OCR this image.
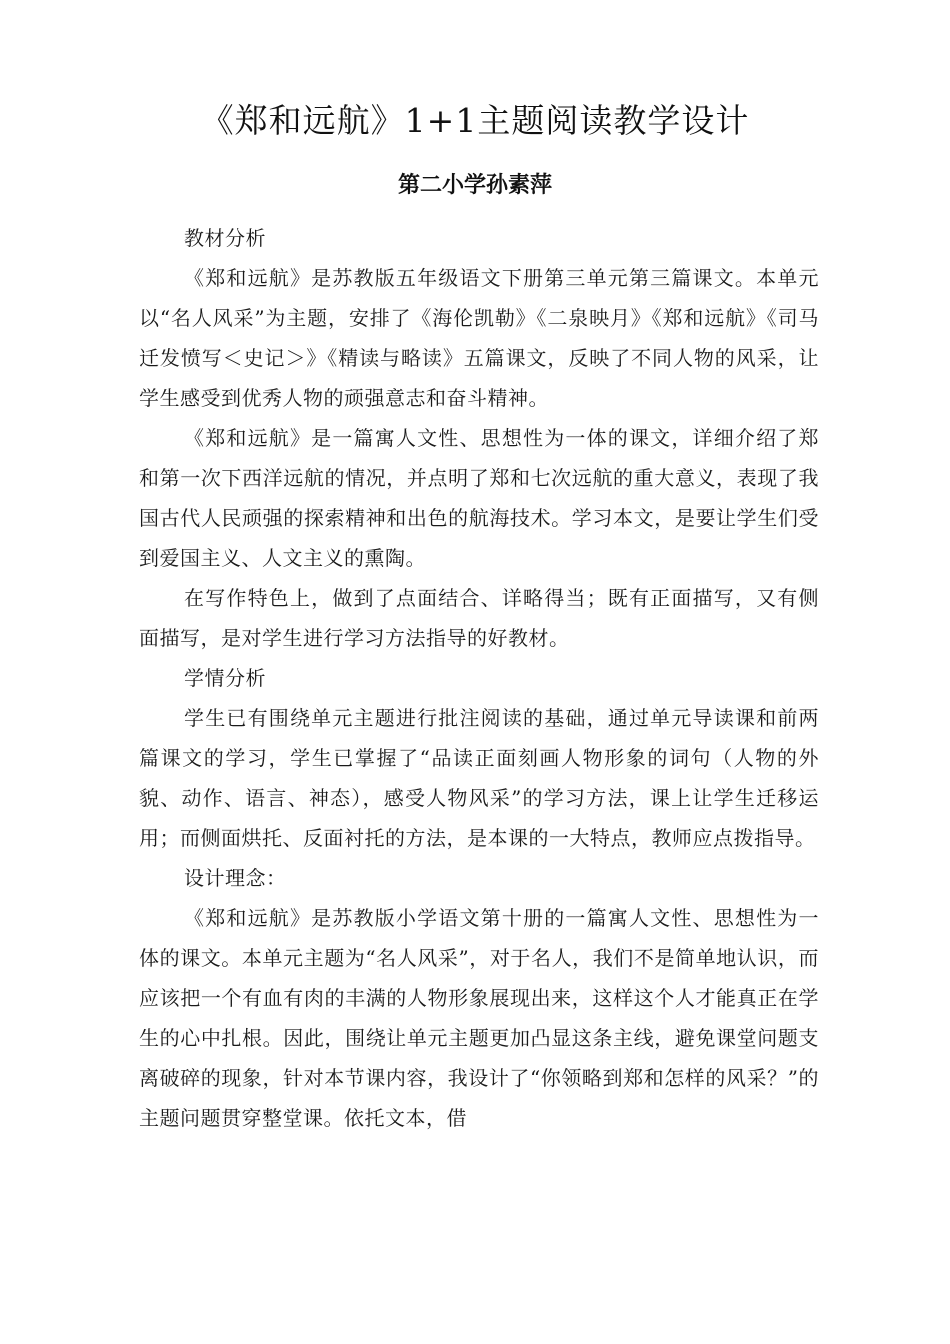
《郑和远航》1+1主题阅读教学设计
第二小学孙素萍
教材分析

《郑和远航》是苏教版五年级语文下册第三单元第三篇课文。本单元以“名人风采”为主题，安排了《海伦凯勒》《二泉映月》《郑和远航》《司马迁发愤写＜史记＞》《精读与略读》五篇课文，反映了不同人物的风采，让学生感受到优秀人物的顽强意志和奋斗精神。

《郑和远航》是一篇寓人文性、思想性为一体的课文，详细介绍了郑和第一次下西洋远航的情况，并点明了郑和七次远航的重大意义，表现了我国古代人民顽强的探索精神和出色的航海技术。学习本文，是要让学生们受到爱国主义、人文主义的熏陶。

在写作特色上，做到了点面结合、详略得当；既有正面描写，又有侧面描写，是对学生进行学习方法指导的好教材。

学情分析

学生已有围绕单元主题进行批注阅读的基础，通过单元导读课和前两篇课文的学习，学生已掌握了“品读正面刻画人物形象的词句（人物的外貌、动作、语言、神态），感受人物风采”的学习方法，课上让学生迁移运用；而侧面烘托、反面衬托的方法，是本课的一大特点，教师应点拨指导。

设计理念：

《郑和远航》是苏教版小学语文第十册的一篇寓人文性、思想性为一体的课文。本单元主题为“名人风采”，对于名人，我们不是简单地认识，而应该把一个有血有肉的丰满的人物形象展现出来，这样这个人才能真正在学生的心中扎根。因此，围绕让单元主题更加凸显这条主线，避免课堂问题支离破碎的现象，针对本节课内容，我设计了“你领略到郑和怎样的风采？”的主题问题贯穿整堂课。依托文本，借
